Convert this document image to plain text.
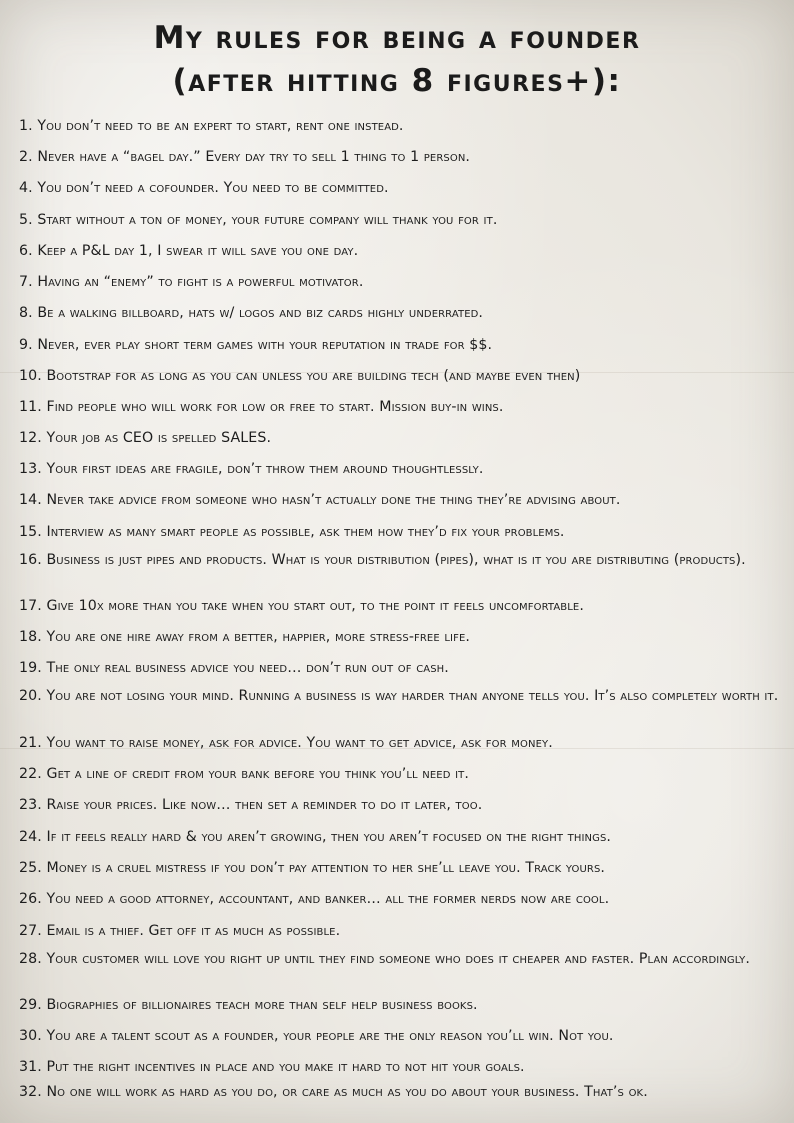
My rules for being a founder
(after hitting 8 figures+):
1. You don’t need to be an expert to start, rent one instead.
2. Never have a “bagel day.” Every day try to sell 1 thing to 1 person.
4. You don’t need a cofounder. You need to be committed.
5. Start without a ton of money, your future company will thank you for it.
6. Keep a P&L day 1, I swear it will save you one day.
7. Having an “enemy” to fight is a powerful motivator.
8. Be a walking billboard, hats w/ logos and biz cards highly underrated.
9. Never, ever play short term games with your reputation in trade for $$.
10. Bootstrap for as long as you can unless you are building tech (and maybe even then)
11. Find people who will work for low or free to start. Mission buy-in wins.
12. Your job as CEO is spelled SALES.
13. Your first ideas are fragile, don’t throw them around thoughtlessly.
14. Never take advice from someone who hasn’t actually done the thing they’re advising about.
15. Interview as many smart people as possible, ask them how they’d fix your problems.
16. Business is just pipes and products. What is your distribution (pipes), what is it you are distributing (products).
17. Give 10x more than you take when you start out, to the point it feels uncomfortable.
18. You are one hire away from a better, happier, more stress-free life.
19. The only real business advice you need… don’t run out of cash.
20. You are not losing your mind. Running a business is way harder than anyone tells you. It’s also completely worth it.
21. You want to raise money, ask for advice. You want to get advice, ask for money.
22. Get a line of credit from your bank before you think you’ll need it.
23. Raise your prices. Like now… then set a reminder to do it later, too.
24. If it feels really hard & you aren’t growing, then you aren’t focused on the right things.
25. Money is a cruel mistress if you don’t pay attention to her she’ll leave you. Track yours.
26. You need a good attorney, accountant, and banker… all the former nerds now are cool.
27. Email is a thief. Get off it as much as possible.
28. Your customer will love you right up until they find someone who does it cheaper and faster. Plan accordingly.
29. Biographies of billionaires teach more than self help business books.
30. You are a talent scout as a founder, your people are the only reason you’ll win. Not you.
31. Put the right incentives in place and you make it hard to not hit your goals.
32. No one will work as hard as you do, or care as much as you do about your business. That’s ok.
